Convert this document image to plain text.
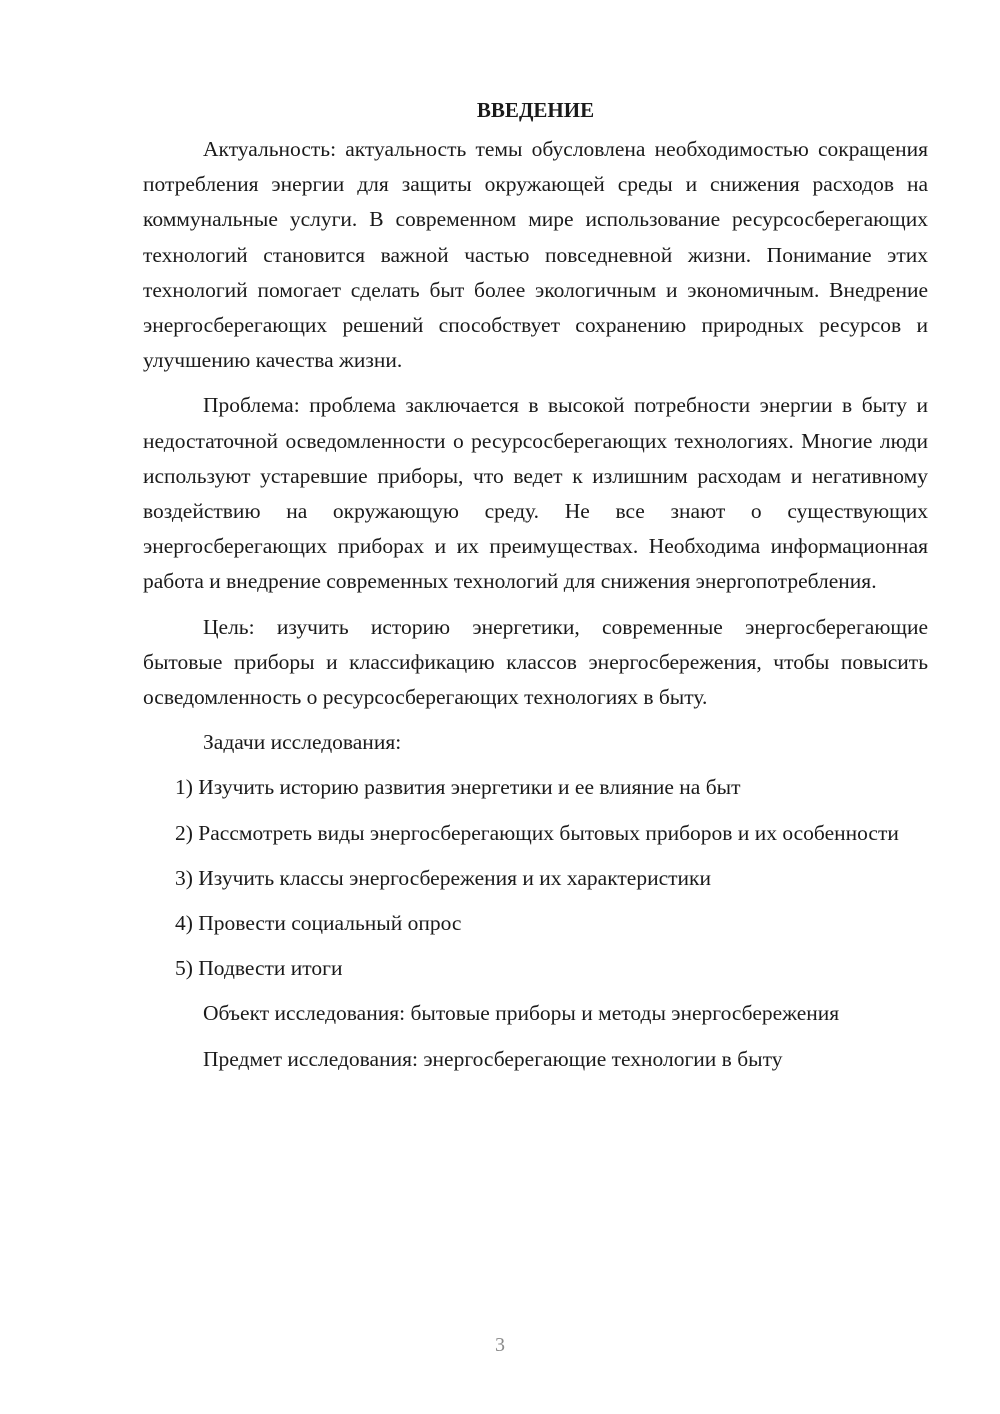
ВВЕДЕНИЕ

Актуальность: актуальность темы обусловлена необходимостью сокращения потребления энергии для защиты окружающей среды и снижения расходов на коммунальные услуги. В современном мире использование ресурсосберегающих технологий становится важной частью повседневной жизни. Понимание этих технологий помогает сделать быт более экологичным и экономичным. Внедрение энергосберегающих решений способствует сохранению природных ресурсов и улучшению качества жизни.

Проблема: проблема заключается в высокой потребности энергии в быту и недостаточной осведомленности о ресурсосберегающих технологиях. Многие люди используют устаревшие приборы, что ведет к излишним расходам и негативному воздействию на окружающую среду. Не все знают о существующих энергосберегающих приборах и их преимуществах. Необходима информационная работа и внедрение современных технологий для снижения энергопотребления.

Цель: изучить историю энергетики, современные энергосберегающие бытовые приборы и классификацию классов энергосбережения, чтобы повысить осведомленность о ресурсосберегающих технологиях в быту.

Задачи исследования:

1) Изучить историю развития энергетики и ее влияние на быт

2) Рассмотреть виды энергосберегающих бытовых приборов и их особенности

3) Изучить классы энергосбережения и их характеристики

4) Провести социальный опрос

5) Подвести итоги

Объект исследования: бытовые приборы и методы энергосбережения

Предмет исследования: энергосберегающие технологии в быту

3
